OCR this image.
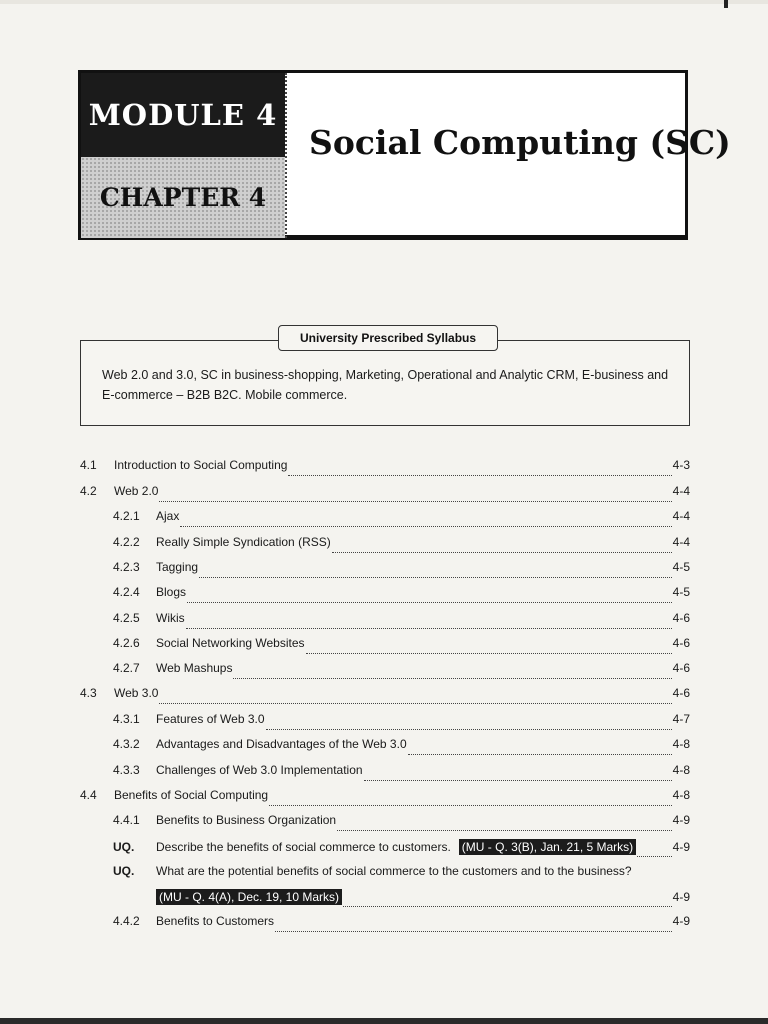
MODULE 4
CHAPTER 4
Social Computing (SC)
University Prescribed Syllabus
Web 2.0 and 3.0, SC in business-shopping, Marketing, Operational and Analytic CRM, E-business and
E-commerce – B2B B2C. Mobile commerce.
4.1	Introduction to Social Computing	4-3
4.2	Web 2.0	4-4
4.2.1	Ajax	4-4
4.2.2	Really Simple Syndication (RSS)	4-4
4.2.3	Tagging	4-5
4.2.4	Blogs	4-5
4.2.5	Wikis	4-6
4.2.6	Social Networking Websites	4-6
4.2.7	Web Mashups	4-6
4.3	Web 3.0	4-6
4.3.1	Features of Web 3.0	4-7
4.3.2	Advantages and Disadvantages of the Web 3.0	4-8
4.3.3	Challenges of Web 3.0 Implementation	4-8
4.4	Benefits of Social Computing	4-8
4.4.1	Benefits to Business Organization	4-9
UQ.	Describe the benefits of social commerce to customers. (MU - Q. 3(B), Jan. 21, 5 Marks)	4-9
UQ.	What are the potential benefits of social commerce to the customers and to the business?
(MU - Q. 4(A), Dec. 19, 10 Marks)	4-9
4.4.2	Benefits to Customers	4-9
